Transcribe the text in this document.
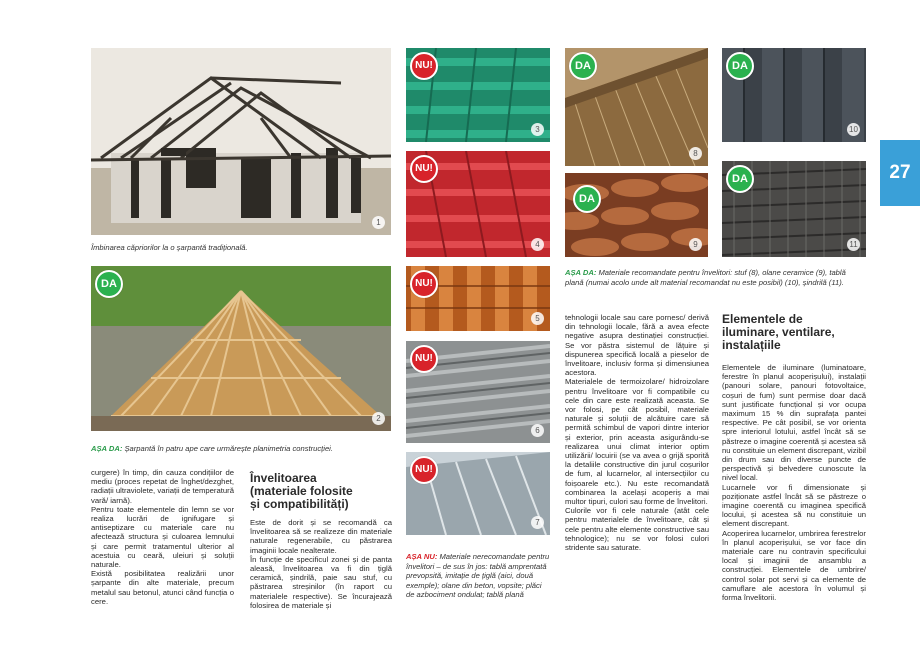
1
Îmbinarea căpriorilor la o șarpantă tradițională.
DA
2
AȘA DA: Șarpantă în patru ape care urmărește planimetria construcției.
curgere) în timp, din cauza condițiilor de mediu (proces repetat de înghet/dezghet, radiații ultraviolete, variații de temperatură vară/ iarnă).
Pentru toate elementele din lemn se vor realiza lucrări de ignifugare și antiseptizare cu materiale care nu afectează structura și culoarea lemnului și care permit tratamentul ulterior al acestuia cu ceară, uleiuri și soluții naturale.
Există posibilitatea realizării unor șarpante din alte materiale, precum metalul sau betonul, atunci când funcția o cere.
Învelitoarea
(materiale folosite
și compatibilități)
Este de dorit și se recomandă ca învelitoarea să se realizeze din materiale naturale regenerabile, cu păstrarea imaginii locale nealterate.
În funcție de specificul zonei și de panta aleasă, învelitoarea va fi din țiglă ceramică, șindrilă, paie sau stuf, cu păstrarea streșinilor (în raport cu materialele respective). Se încurajează folosirea de materiale și
NU!
3
NU!
4
NU!
5
NU!
6
NU!
7
AȘA NU: Materiale nerecomandate pentru învelitori – de sus în jos: tablă amprentată prevopsită, imitație de țiglă (aici, două exemple); olane din beton, vopsite; plăci de azbociment ondulat; tablă plană
DA
8
DA
9
DA
10
DA
11
AȘA DA: Materiale recomandate pentru învelitori: stuf (8), olane ceramice (9), tablă plană (numai acolo unde alt material recomandat nu este posibil) (10), șindrilă (11).
tehnologii locale sau care pornesc/ derivă din tehnologii locale, fără a avea efecte negative asupra destinației construcției. Se vor păstra sistemul de lățuire și dispunerea specifică locală a pieselor de învelitoare, inclusiv forma și dimensiunea acestora.
Materialele de termoizolare/ hidroizolare pentru învelitoare vor fi compatibile cu cele din care este realizată aceasta. Se vor folosi, pe cât posibil, materiale naturale și soluții de alcătuire care să permită schimbul de vapori dintre interior și exterior, prin aceasta asigurându-se realizarea unui climat interior optim utilizării/ locuirii (se va avea o grijă sporită la detaliile constructive din jurul coșurilor de fum, al lucarnelor, al intersecțiilor cu foișoarele etc.). Nu este recomandată combinarea la același acoperiș a mai multor tipuri, culori sau forme de învelitori.
Culorile vor fi cele naturale (atât cele pentru materialele de învelitoare, cât și cele pentru alte elemente constructive sau tehnologice); nu se vor folosi culori stridente sau saturate.
Elementele de
iluminare, ventilare,
instalațiile
Elementele de iluminare (luminatoare, ferestre în planul acoperișului), instalații (panouri solare, panouri fotovoltaice, coșuri de fum) sunt permise doar dacă sunt justificate funcțional și vor ocupa maximum 15 % din suprafața pantei respective. Pe cât posibil, se vor orienta spre interiorul lotului, astfel încât să se păstreze o imagine coerentă și acestea să nu constituie un element discrepant, vizibil din drum sau din diverse puncte de perspectivă și belvedere cunoscute la nivel local.
Lucarnele vor fi dimensionate și poziționate astfel încât să se păstreze o imagine coerentă cu imaginea specifică locului, și acestea să nu constituie un element discrepant.
Acoperirea lucarnelor, umbrirea ferestrelor în planul acoperișului, se vor face din materiale care nu contravin specificului local și imaginii de ansamblu a construcției. Elementele de umbrire/ control solar pot servi și ca elemente de camuflare ale acestora în volumul și forma învelitorii.
27
